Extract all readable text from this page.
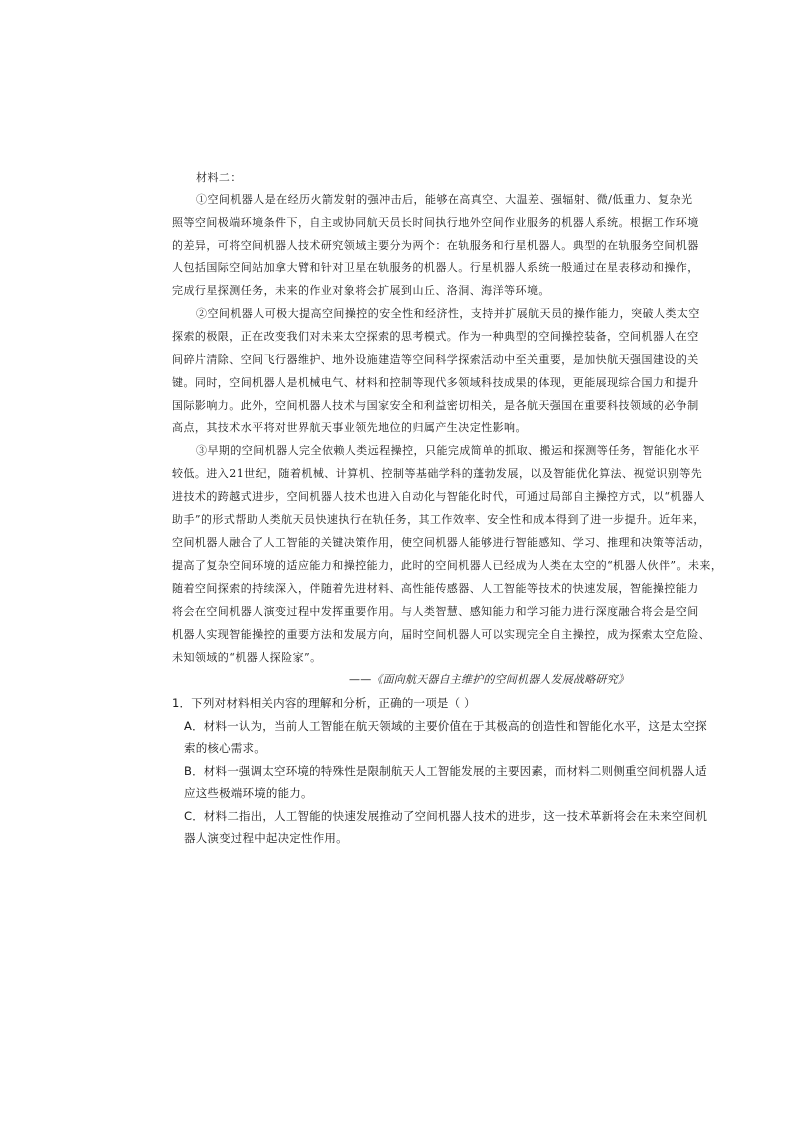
材料二：
①空间机器人是在经历火箭发射的强冲击后，能够在高真空、大温差、强辐射、微/低重力、复杂光
照等空间极端环境条件下，自主或协同航天员长时间执行地外空间作业服务的机器人系统。根据工作环境
的差异，可将空间机器人技术研究领域主要分为两个：在轨服务和行星机器人。典型的在轨服务空间机器
人包括国际空间站加拿大臂和针对卫星在轨服务的机器人。行星机器人系统一般通过在星表移动和操作，
完成行星探测任务，未来的作业对象将会扩展到山丘、洛洞、海洋等环境。
②空间机器人可极大提高空间操控的安全性和经济性，支持并扩展航天员的操作能力，突破人类太空
探索的极限，正在改变我们对未来太空探索的思考模式。作为一种典型的空间操控装备，空间机器人在空
间碎片清除、空间飞行器维护、地外设施建造等空间科学探索活动中至关重要，是加快航天强国建设的关
键。同时，空间机器人是机械电气、材料和控制等现代多领域科技成果的体现，更能展现综合国力和提升
国际影响力。此外，空间机器人技术与国家安全和利益密切相关，是各航天强国在重要科技领域的必争制
高点，其技术水平将对世界航天事业领先地位的归属产生决定性影响。
③早期的空间机器人完全依赖人类远程操控，只能完成简单的抓取、搬运和探测等任务，智能化水平
较低。进入21世纪，随着机械、计算机、控制等基础学科的蓬勃发展，以及智能优化算法、视觉识别等先
进技术的跨越式进步，空间机器人技术也进入自动化与智能化时代，可通过局部自主操控方式，以“机器人
助手”的形式帮助人类航天员快速执行在轨任务，其工作效率、安全性和成本得到了进一步提升。近年来，
空间机器人融合了人工智能的关键决策作用，使空间机器人能够进行智能感知、学习、推理和决策等活动，
提高了复杂空间环境的适应能力和操控能力，此时的空间机器人已经成为人类在太空的“机器人伙伴”。未来，
随着空间探索的持续深入，伴随着先进材料、高性能传感器、人工智能等技术的快速发展，智能操控能力
将会在空间机器人演变过程中发挥重要作用。与人类智慧、感知能力和学习能力进行深度融合将会是空间
机器人实现智能操控的重要方法和发展方向，届时空间机器人可以实现完全自主操控，成为探索太空危险、
未知领域的“机器人探险家”。
——《面向航天器自主维护的空间机器人发展战略研究》
1．下列对材料相关内容的理解和分析，正确的一项是（ ）
A．材料一认为，当前人工智能在航天领域的主要价值在于其极高的创造性和智能化水平，这是太空探
索的核心需求。
B．材料一强调太空环境的特殊性是限制航天人工智能发展的主要因素，而材料二则侧重空间机器人适
应这些极端环境的能力。
C．材料二指出，人工智能的快速发展推动了空间机器人技术的进步，这一技术革新将会在未来空间机
器人演变过程中起决定性作用。
